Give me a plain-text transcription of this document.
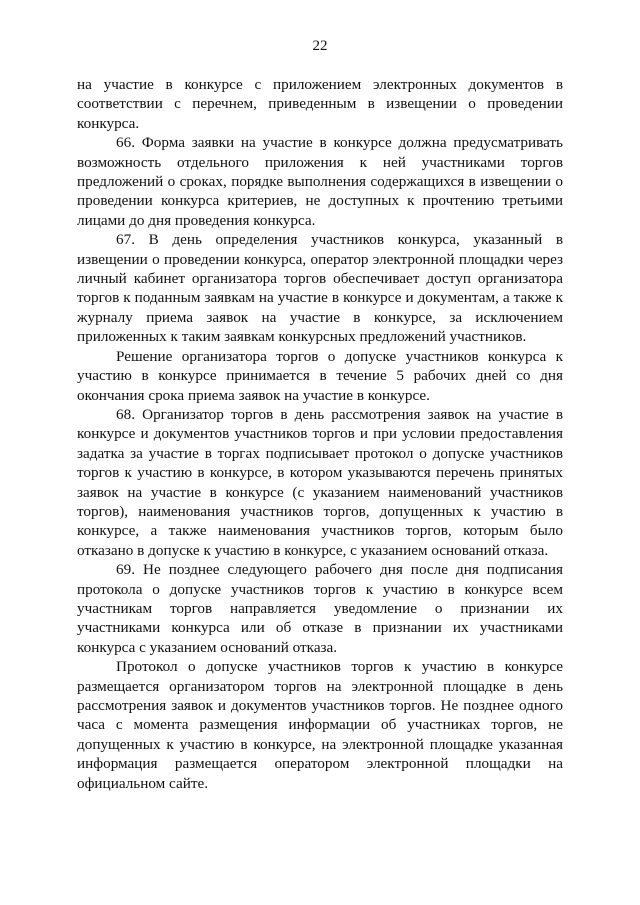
22

на участие в конкурсе с приложением электронных документов в соответствии с перечнем, приведенным в извещении о проведении конкурса.

66. Форма заявки на участие в конкурсе должна предусматривать возможность отдельного приложения к ней участниками торгов предложений о сроках, порядке выполнения содержащихся в извещении о проведении конкурса критериев, не доступных к прочтению третьими лицами до дня проведения конкурса.

67. В день определения участников конкурса, указанный в извещении о проведении конкурса, оператор электронной площадки через личный кабинет организатора торгов обеспечивает доступ организатора торгов к поданным заявкам на участие в конкурсе и документам, а также к журналу приема заявок на участие в конкурсе, за исключением приложенных к таким заявкам конкурсных предложений участников.

Решение организатора торгов о допуске участников конкурса к участию в конкурсе принимается в течение 5 рабочих дней со дня окончания срока приема заявок на участие в конкурсе.

68. Организатор торгов в день рассмотрения заявок на участие в конкурсе и документов участников торгов и при условии предоставления задатка за участие в торгах подписывает протокол о допуске участников торгов к участию в конкурсе, в котором указываются перечень принятых заявок на участие в конкурсе (с указанием наименований участников торгов), наименования участников торгов, допущенных к участию в конкурсе, а также наименования участников торгов, которым было отказано в допуске к участию в конкурсе, с указанием оснований отказа.

69. Не позднее следующего рабочего дня после дня подписания протокола о допуске участников торгов к участию в конкурсе всем участникам торгов направляется уведомление о признании их участниками конкурса или об отказе в признании их участниками конкурса с указанием оснований отказа.

Протокол о допуске участников торгов к участию в конкурсе размещается организатором торгов на электронной площадке в день рассмотрения заявок и документов участников торгов. Не позднее одного часа с момента размещения информации об участниках торгов, не допущенных к участию в конкурсе, на электронной площадке указанная информация размещается оператором электронной площадки на официальном сайте.
